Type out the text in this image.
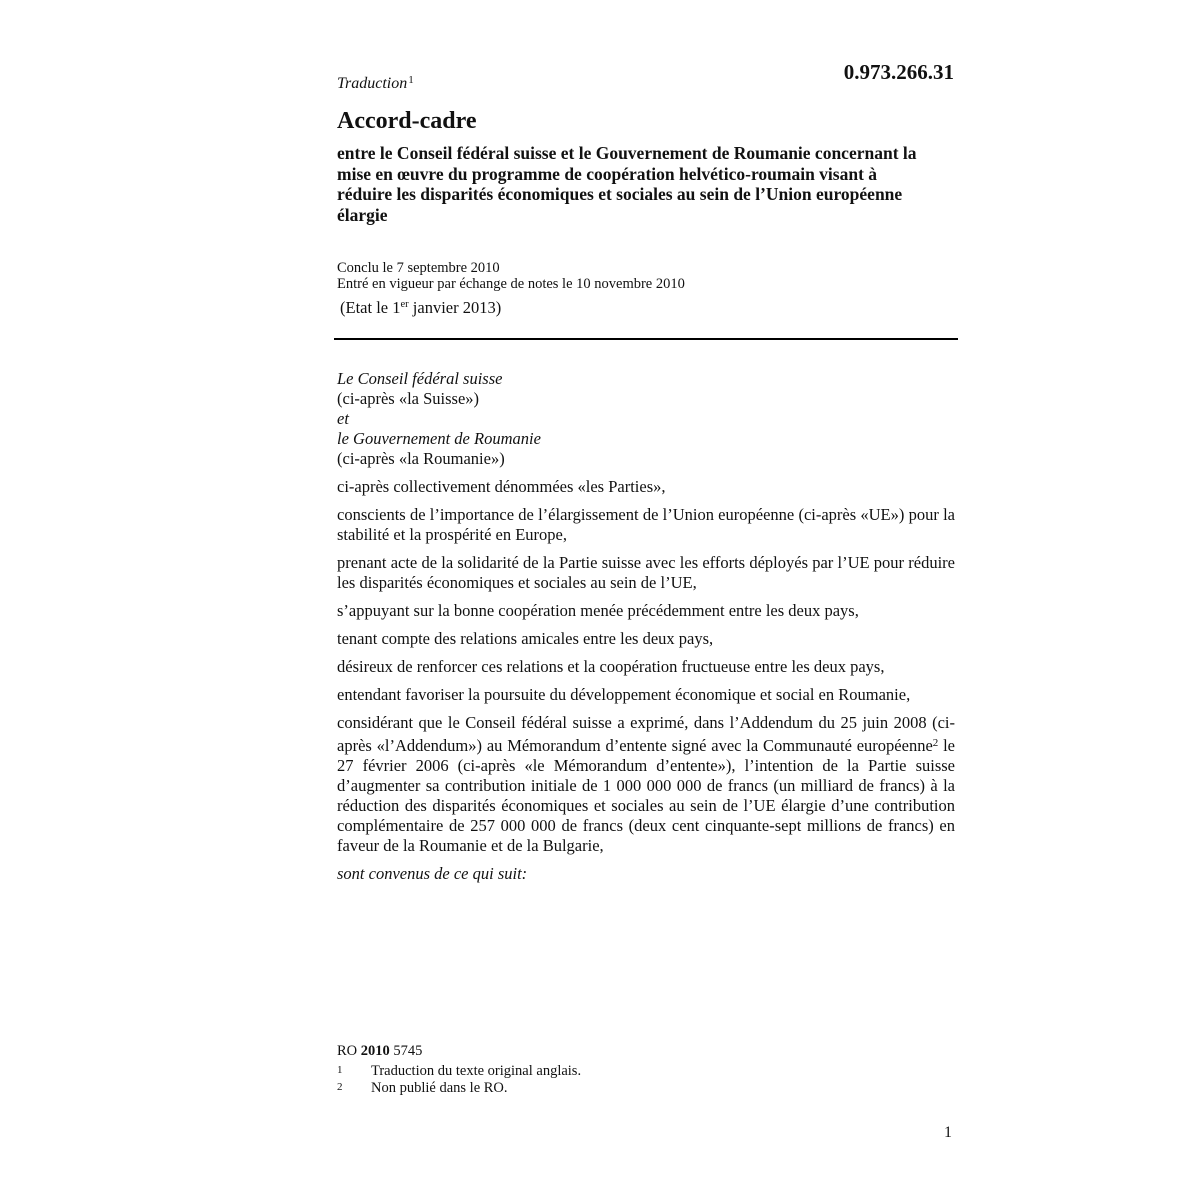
Traduction$^1$	0.973.266.31
Accord-cadre
entre le Conseil fédéral suisse et le Gouvernement de Roumanie concernant la mise en œuvre du programme de coopération helvético-roumain visant à réduire les disparités économiques et sociales au sein de l’Union européenne élargie
Conclu le 7 septembre 2010
Entré en vigueur par échange de notes le 10 novembre 2010
(Etat le 1er janvier 2013)
Le Conseil fédéral suisse
(ci-après «la Suisse»)
et
le Gouvernement de Roumanie
(ci-après «la Roumanie»)

ci-après collectivement dénommées «les Parties»,

conscients de l’importance de l’élargissement de l’Union européenne (ci-après «UE») pour la stabilité et la prospérité en Europe,

prenant acte de la solidarité de la Partie suisse avec les efforts déployés par l’UE pour réduire les disparités économiques et sociales au sein de l’UE,

s’appuyant sur la bonne coopération menée précédemment entre les deux pays,

tenant compte des relations amicales entre les deux pays,

désireux de renforcer ces relations et la coopération fructueuse entre les deux pays,

entendant favoriser la poursuite du développement économique et social en Roumanie,

considérant que le Conseil fédéral suisse a exprimé, dans l’Addendum du 25 juin 2008 (ci-après «l’Addendum») au Mémorandum d’entente signé avec la Communauté européenne$^2$ le 27 février 2006 (ci-après «le Mémorandum d’entente»), l’intention de la Partie suisse d’augmenter sa contribution initiale de 1 000 000 000 de francs (un milliard de francs) à la réduction des disparités économiques et sociales au sein de l’UE élargie d’une contribution complémentaire de 257 000 000 de francs (deux cent cinquante-sept millions de francs) en faveur de la Roumanie et de la Bulgarie,

sont convenus de ce qui suit:

RO 2010 5745
1	Traduction du texte original anglais.
2	Non publié dans le RO.
1
